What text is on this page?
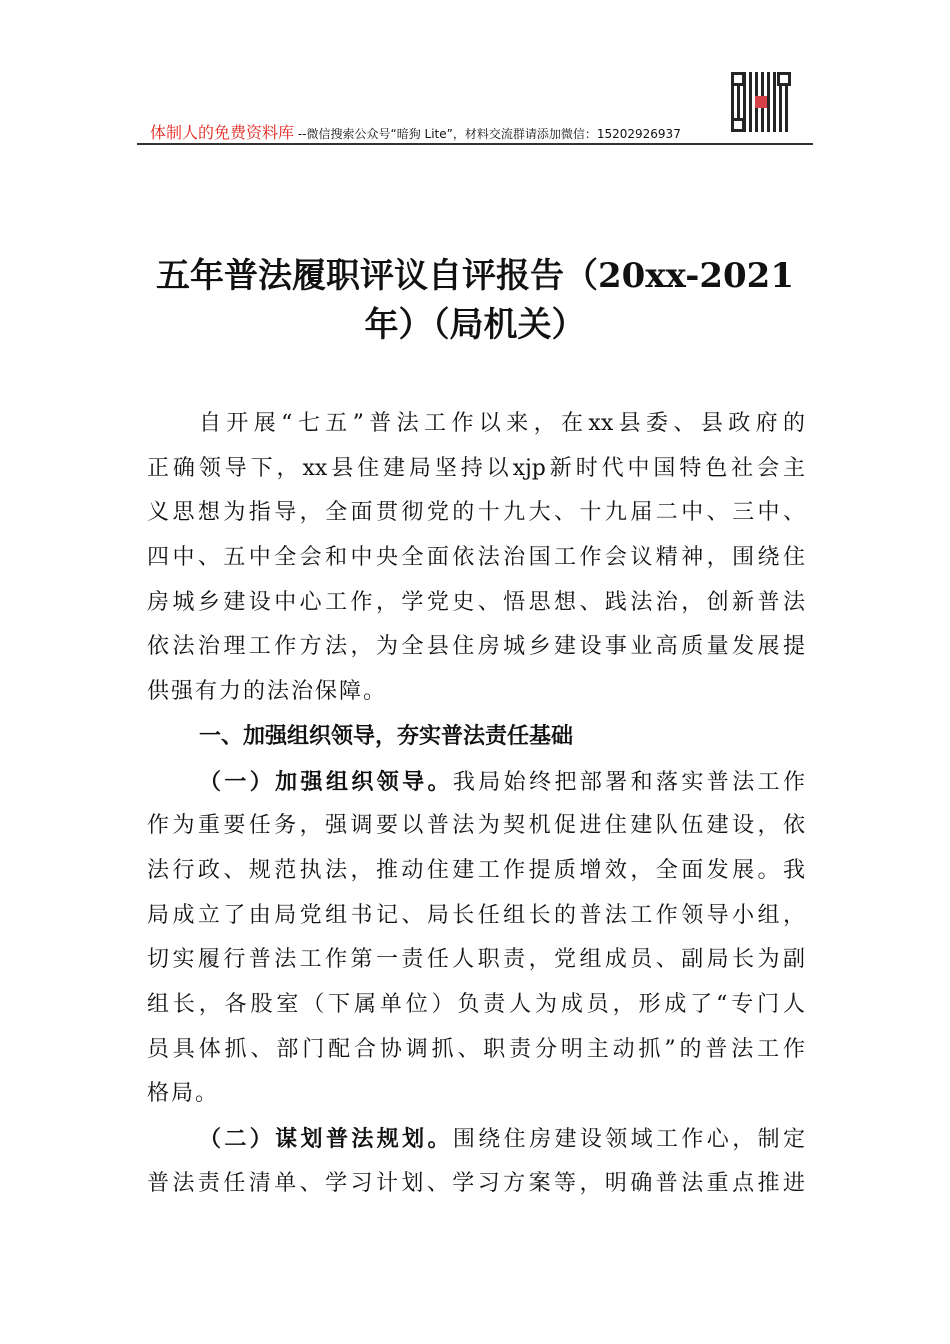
体制人的免费资料库 --微信搜索公众号“暗狗 Lite”，材料交流群请添加微信：15202926937
五年普法履职评议自评报告（20xx-2021
年）（局机关）
自开展“七五”普法工作以来，在xx县委、县政府的
正确领导下，xx县住建局坚持以xjp新时代中国特色社会主
义思想为指导，全面贯彻党的十九大、十九届二中、三中、
四中、五中全会和中央全面依法治国工作会议精神，围绕住
房城乡建设中心工作，学党史、悟思想、践法治，创新普法
依法治理工作方法，为全县住房城乡建设事业高质量发展提
供强有力的法治保障。
一、加强组织领导，夯实普法责任基础
（一）加强组织领导。我局始终把部署和落实普法工作
作为重要任务，强调要以普法为契机促进住建队伍建设，依
法行政、规范执法，推动住建工作提质增效，全面发展。我
局成立了由局党组书记、局长任组长的普法工作领导小组，
切实履行普法工作第一责任人职责，党组成员、副局长为副
组长，各股室（下属单位）负责人为成员，形成了“专门人
员具体抓、部门配合协调抓、职责分明主动抓”的普法工作
格局。
（二）谋划普法规划。围绕住房建设领域工作心，制定
普法责任清单、学习计划、学习方案等，明确普法重点推进
